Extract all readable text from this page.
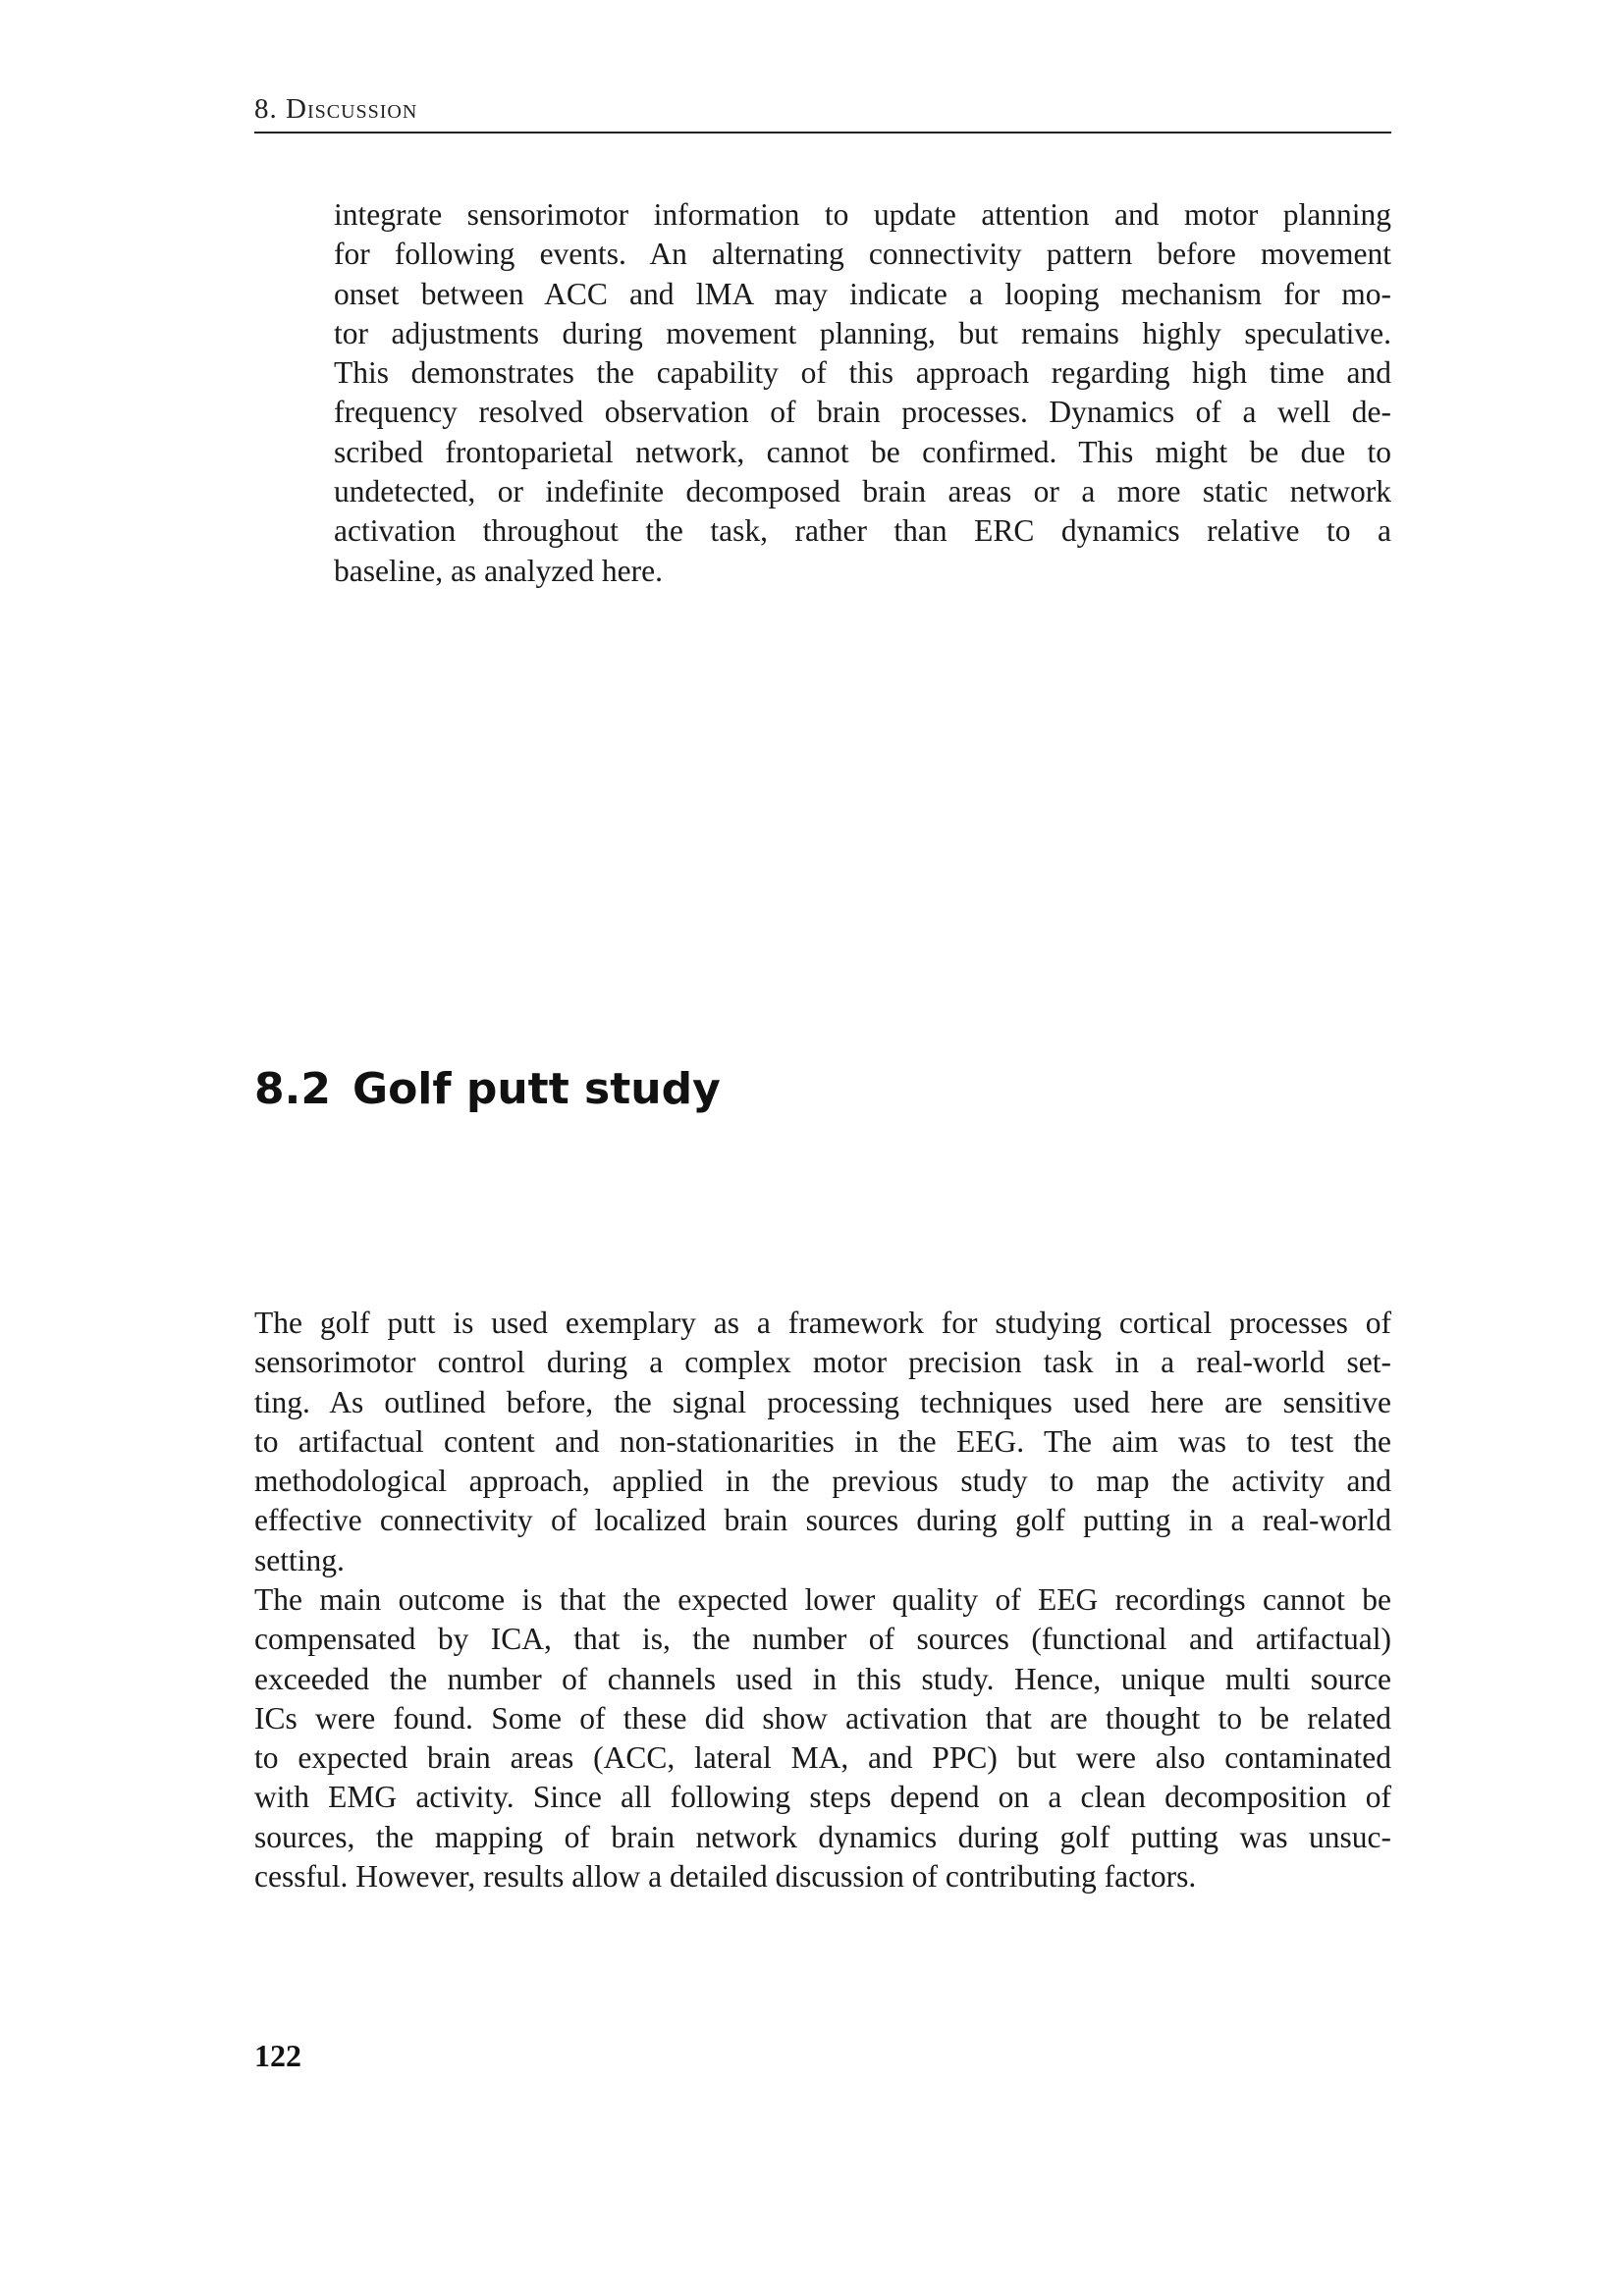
8. Discussion
integrate sensorimotor information to update attention and motor planning
for following events. An alternating connectivity pattern before movement
onset between ACC and lMA may indicate a looping mechanism for mo-
tor adjustments during movement planning, but remains highly speculative.
This demonstrates the capability of this approach regarding high time and
frequency resolved observation of brain processes. Dynamics of a well de-
scribed frontoparietal network, cannot be confirmed. This might be due to
undetected, or indefinite decomposed brain areas or a more static network
activation throughout the task, rather than ERC dynamics relative to a
baseline, as analyzed here.
8.2 Golf putt study
The golf putt is used exemplary as a framework for studying cortical processes of
sensorimotor control during a complex motor precision task in a real-world set-
ting. As outlined before, the signal processing techniques used here are sensitive
to artifactual content and non-stationarities in the EEG. The aim was to test the
methodological approach, applied in the previous study to map the activity and
effective connectivity of localized brain sources during golf putting in a real-world
setting.
The main outcome is that the expected lower quality of EEG recordings cannot be
compensated by ICA, that is, the number of sources (functional and artifactual)
exceeded the number of channels used in this study. Hence, unique multi source
ICs were found. Some of these did show activation that are thought to be related
to expected brain areas (ACC, lateral MA, and PPC) but were also contaminated
with EMG activity. Since all following steps depend on a clean decomposition of
sources, the mapping of brain network dynamics during golf putting was unsuc-
cessful. However, results allow a detailed discussion of contributing factors.
122
